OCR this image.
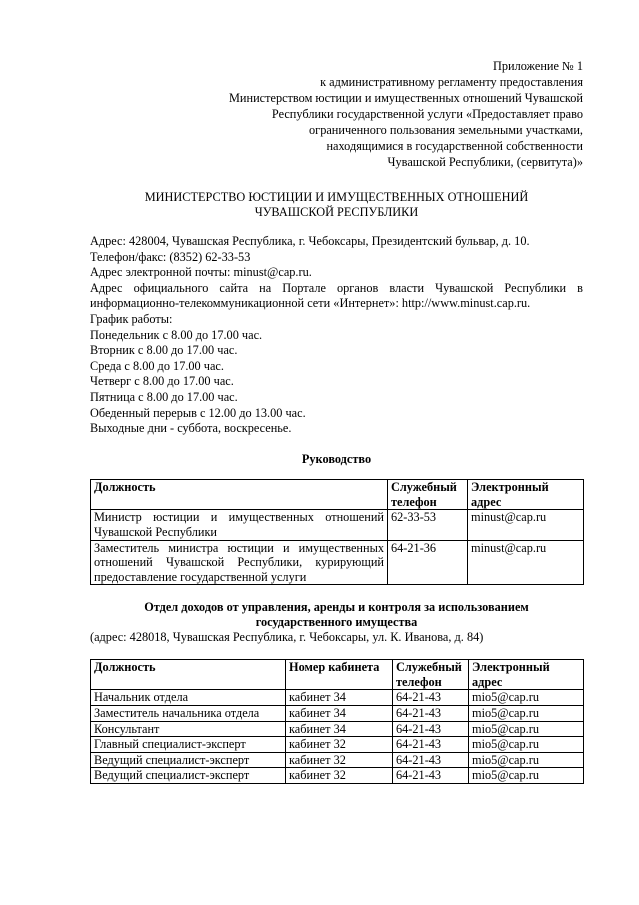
Приложение № 1
к административному регламенту предоставления
Министерством юстиции и имущественных отношений Чувашской
Республики государственной услуги «Предоставляет право
ограниченного пользования земельными участками,
находящимися в государственной собственности
Чувашской Республики, (сервитута)»
МИНИСТЕРСТВО ЮСТИЦИИ И ИМУЩЕСТВЕННЫХ ОТНОШЕНИЙ
ЧУВАШСКОЙ РЕСПУБЛИКИ
Адрес: 428004, Чувашская Республика, г. Чебоксары, Президентский бульвар, д. 10.
Телефон/факс: (8352) 62-33-53
Адрес электронной почты: minust@cap.ru.
Адрес официального сайта на Портале органов власти Чувашской Республики в информационно-телекоммуникационной сети «Интернет»: http://www.minust.cap.ru.
График работы:
Понедельник с 8.00 до 17.00 час.
Вторник с 8.00 до 17.00 час.
Среда с 8.00 до 17.00 час.
Четверг с 8.00 до 17.00 час.
Пятница с 8.00 до 17.00 час.
Обеденный перерыв с 12.00 до 13.00 час.
Выходные дни - суббота, воскресенье.
Руководство
Должность	Служебный телефон	Электронный адрес
Министр юстиции и имущественных отношений Чувашской Республики	62-33-53	minust@cap.ru
Заместитель министра юстиции и имущественных отношений Чувашской Республики, курирующий предоставление государственной услуги	64-21-36	minust@cap.ru
Отдел доходов от управления, аренды и контроля за использованием
государственного имущества
(адрес: 428018, Чувашская Республика, г. Чебоксары, ул. К. Иванова, д. 84)
Должность	Номер кабинета	Служебный телефон	Электронный адрес
Начальник отдела	кабинет 34	64-21-43	mio5@cap.ru
Заместитель начальника отдела	кабинет 34	64-21-43	mio5@cap.ru
Консультант	кабинет 34	64-21-43	mio5@cap.ru
Главный специалист-эксперт	кабинет 32	64-21-43	mio5@cap.ru
Ведущий специалист-эксперт	кабинет 32	64-21-43	mio5@cap.ru
Ведущий специалист-эксперт	кабинет 32	64-21-43	mio5@cap.ru
